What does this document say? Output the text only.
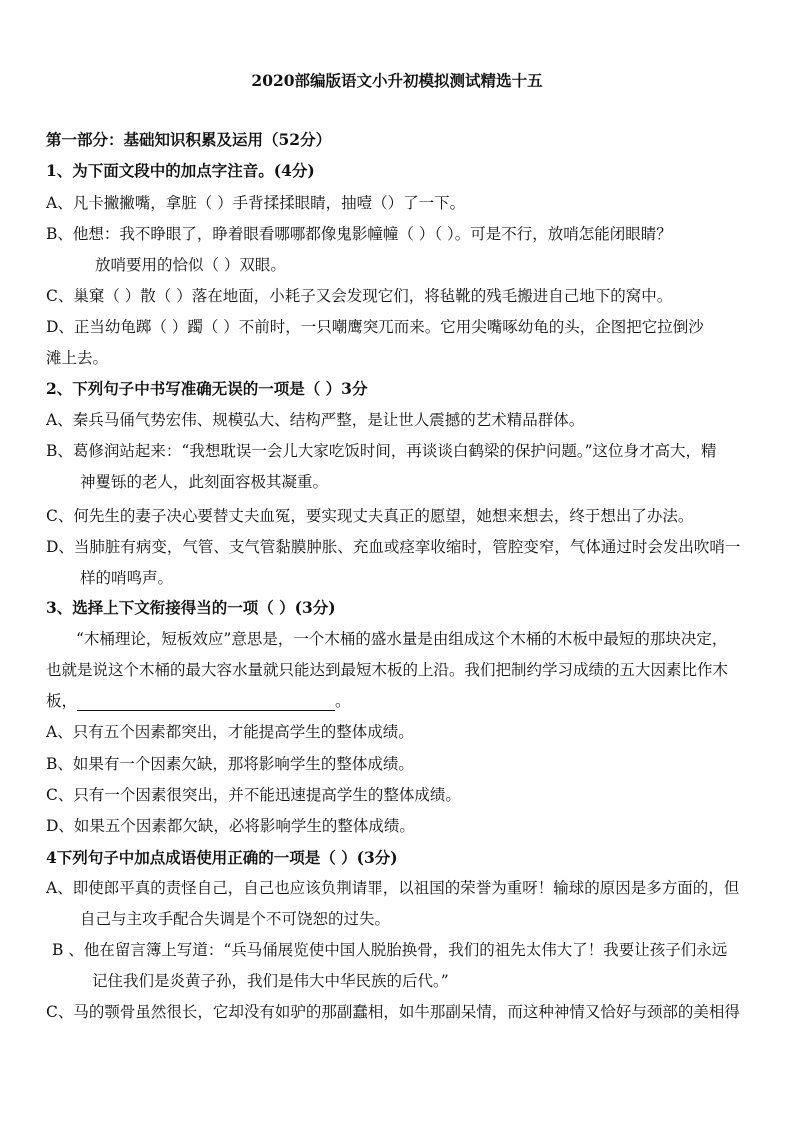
2020部编版语文小升初模拟测试精选十五
第一部分：基础知识积累及运用（52分）
1、为下面文段中的加点字注音。(4分)
A、凡卡撇撇嘴，拿脏（ ）手背揉揉眼睛，抽噎（）了一下。
B、他想：我不睁眼了，睁着眼看哪哪都像鬼影幢幢（ ）（ ）。可是不行，放哨怎能闭眼睛？
放哨要用的恰似（ ）双眼。
C、巢窠（ ）散（ ）落在地面，小耗子又会发现它们，将毡靴的残毛搬进自己地下的窝中。
D、正当幼龟踯（ ）躅（ ）不前时，一只嘲鹰突兀而来。它用尖嘴啄幼龟的头，企图把它拉倒沙
滩上去。
2、下列句子中书写准确无误的一项是（ ）3分
A、秦兵马俑气势宏伟、规模弘大、结构严整，是让世人震撼的艺术精品群体。
B、葛修润站起来：“我想耽误一会儿大家吃饭时间，再谈谈白鹤梁的保护问题。”这位身才高大，精
神矍铄的老人，此刻面容极其凝重。
C、何先生的妻子决心要替丈夫血冤，要实现丈夫真正的愿望，她想来想去，终于想出了办法。
D、当肺脏有病变，气管、支气管黏膜肿胀、充血或痉挛收缩时，管腔变窄，气体通过时会发出吹哨一
样的哨鸣声。
3、选择上下文衔接得当的一项（ ）(3分)
“木桶理论，短板效应”意思是，一个木桶的盛水量是由组成这个木桶的木板中最短的那块决定，
也就是说这个木桶的最大容水量就只能达到最短木板的上沿。我们把制约学习成绩的五大因素比作木
板，	。
A、只有五个因素都突出，才能提高学生的整体成绩。
B、如果有一个因素欠缺，那将影响学生的整体成绩。
C、只有一个因素很突出，并不能迅速提高学生的整体成绩。
D、如果五个因素都欠缺，必将影响学生的整体成绩。
4下列句子中加点成语使用正确的一项是（ ）(3分)
A、即使郎平真的责怪自己，自己也应该负荆请罪，以祖国的荣誉为重呀！输球的原因是多方面的，但
自己与主攻手配合失调是个不可饶恕的过失。
B 、他在留言簿上写道：“兵马俑展览使中国人脱胎换骨，我们的祖先太伟大了！我要让孩子们永远
记住我们是炎黄子孙，我们是伟大中华民族的后代。”
C、马的颚骨虽然很长，它却没有如驴的那副蠢相，如牛那副呆情，而这种神情又恰好与颈部的美相得
